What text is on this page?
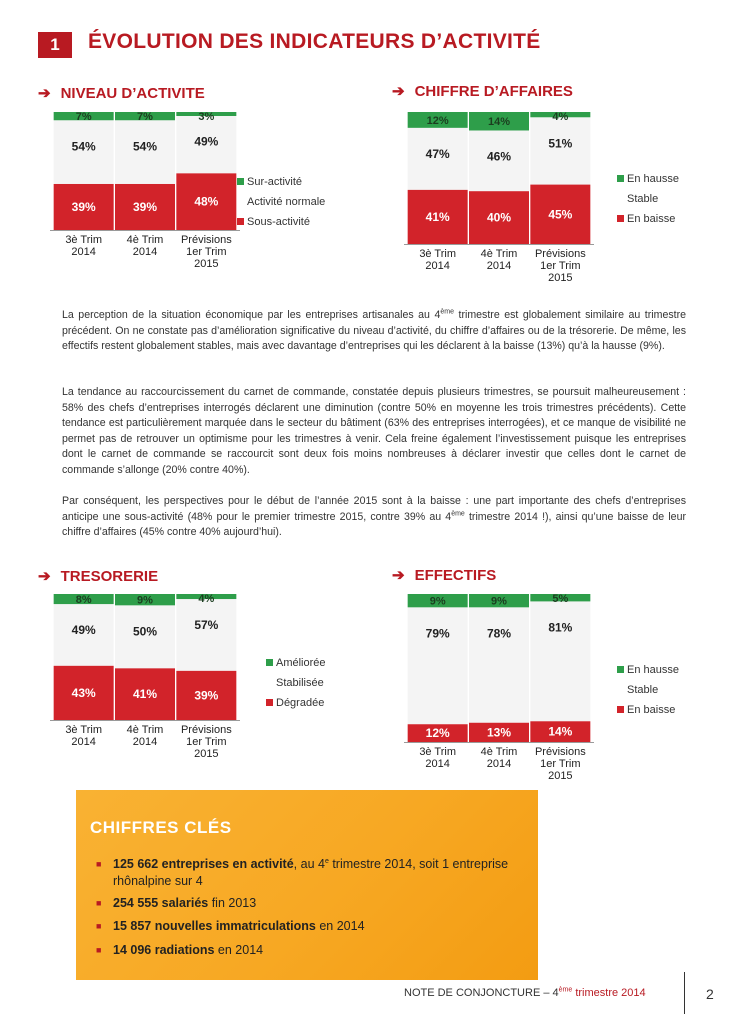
1	ÉVOLUTION DES INDICATEURS D’ACTIVITÉ
➔ NIVEAU D’ACTIVITE	➔ CHIFFRE D’AFFAIRES
➔ TRESORERIE	➔ EFFECTIFS
7%
54%
39%
3è Trim
2014
7%
54%
39%
4è Trim
2014
3%
49%
48%
Prévisions
1er Trim
2015
12%
47%
41%
3è Trim
2014
14%
46%
40%
4è Trim
2014
4%
51%
45%
Prévisions
1er Trim
2015
8%
49%
43%
3è Trim
2014
9%
50%
41%
4è Trim
2014
4%
57%
39%
Prévisions
1er Trim
2015
9%
79%
12%
3è Trim
2014
9%
78%
13%
4è Trim
2014
5%
81%
14%
Prévisions
1er Trim
2015
Sur-activité
Activité normale
Sous-activité
En hausse
Stable
En baisse
Améliorée
Stabilisée
Dégradée
En hausse
Stable
En baisse
La perception de la situation économique par les entreprises artisanales au 4ème trimestre est globalement similaire au trimestre précédent. On ne constate pas d’amélioration significative du niveau d’activité, du chiffre d’affaires ou de la trésorerie. De même, les effectifs restent globalement stables, mais avec davantage d’entreprises qui les déclarent à la baisse (13%) qu’à la hausse (9%).
La tendance au raccourcissement du carnet de commande, constatée depuis plusieurs trimestres, se poursuit malheureusement : 58% des chefs d’entreprises interrogés déclarent une diminution (contre 50% en moyenne les trois trimestres précédents). Cette tendance est particulièrement marquée dans le secteur du bâtiment (63% des entreprises interrogées), et ce manque de visibilité ne permet pas de retrouver un optimisme pour les trimestres à venir. Cela freine également l’investissement puisque les entreprises dont le carnet de commande se raccourcit sont deux fois moins nombreuses à déclarer investir que celles dont le carnet de commande s’allonge (20% contre 40%).
Par conséquent, les perspectives pour le début de l’année 2015 sont à la baisse : une part importante des chefs d’entreprises anticipe une sous-activité (48% pour le premier trimestre 2015, contre 39% au 4ème trimestre 2014 !), ainsi qu’une baisse de leur chiffre d’affaires (45% contre 40% aujourd’hui).
CHIFFRES CLÉS
■ 125 662 entreprises en activité, au 4e trimestre 2014, soit 1 entreprise rhônalpine sur 4
■ 254 555 salariés fin 2013
■ 15 857 nouvelles immatriculations en 2014
■ 14 096 radiations en 2014
NOTE DE CONJONCTURE – 4ème trimestre 2014	2
